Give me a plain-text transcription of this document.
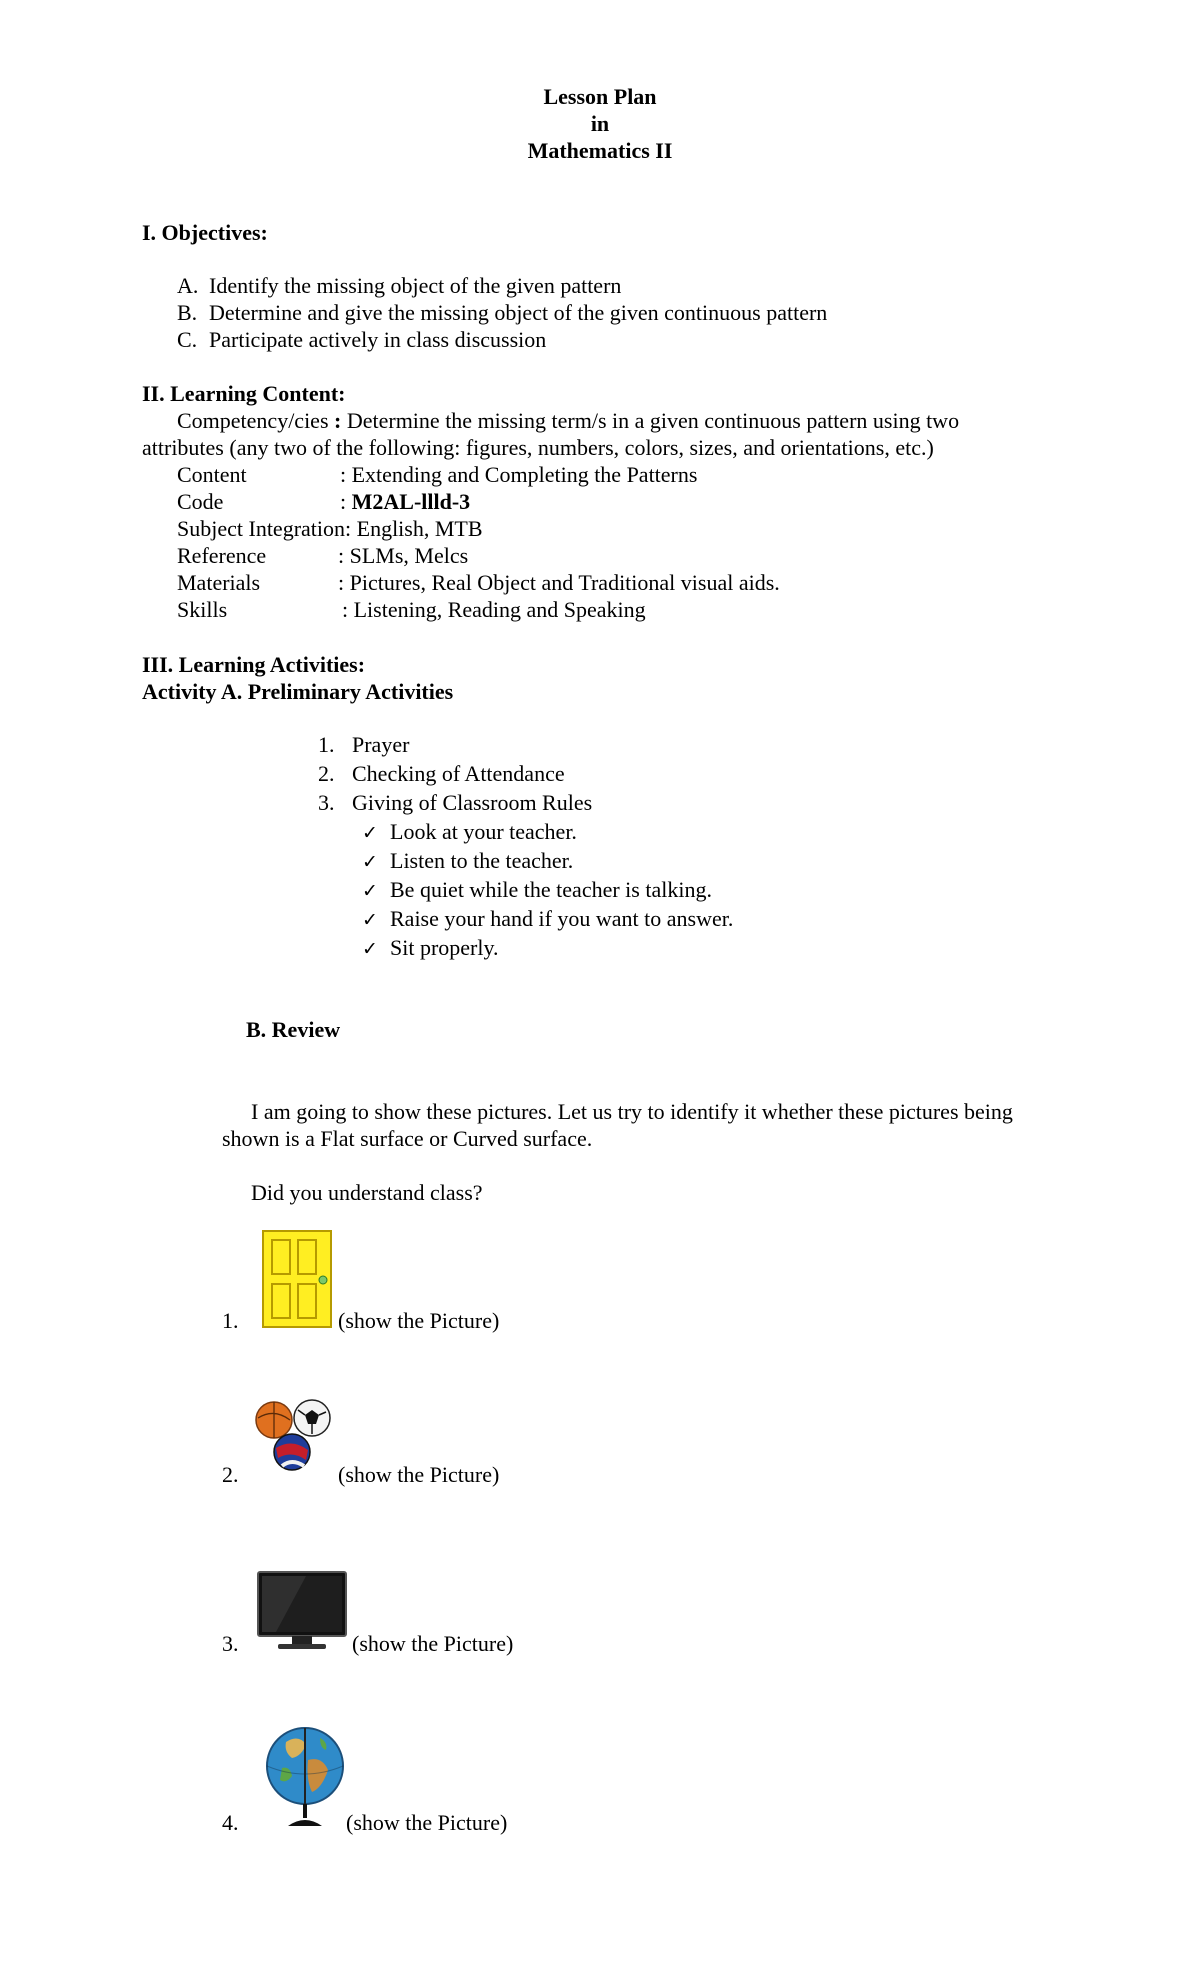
Lesson Plan
in
Mathematics II
I. Objectives:
A. Identify the missing object of the given pattern
B. Determine and give the missing object of the given continuous pattern
C. Participate actively in class discussion
II. Learning Content:
Competency/cies : Determine the missing term/s in a given continuous pattern using two
attributes (any two of the following: figures, numbers, colors, sizes, and orientations, etc.)
Content	: Extending and Completing the Patterns
Code	: M2AL-llld-3
Subject Integration: English, MTB
Reference	: SLMs, Melcs
Materials	: Pictures, Real Object and Traditional visual aids.
Skills	: Listening, Reading and Speaking
III. Learning Activities:
Activity A. Preliminary Activities
1. Prayer
2. Checking of Attendance
3. Giving of Classroom Rules
✓ Look at your teacher.
✓ Listen to the teacher.
✓ Be quiet while the teacher is talking.
✓ Raise your hand if you want to answer.
✓ Sit properly.
B. Review
I am going to show these pictures. Let us try to identify it whether these pictures being
shown is a Flat surface or Curved surface.
Did you understand class?
1.	(show the Picture)
2.	(show the Picture)
3.	(show the Picture)
4.	(show the Picture)
